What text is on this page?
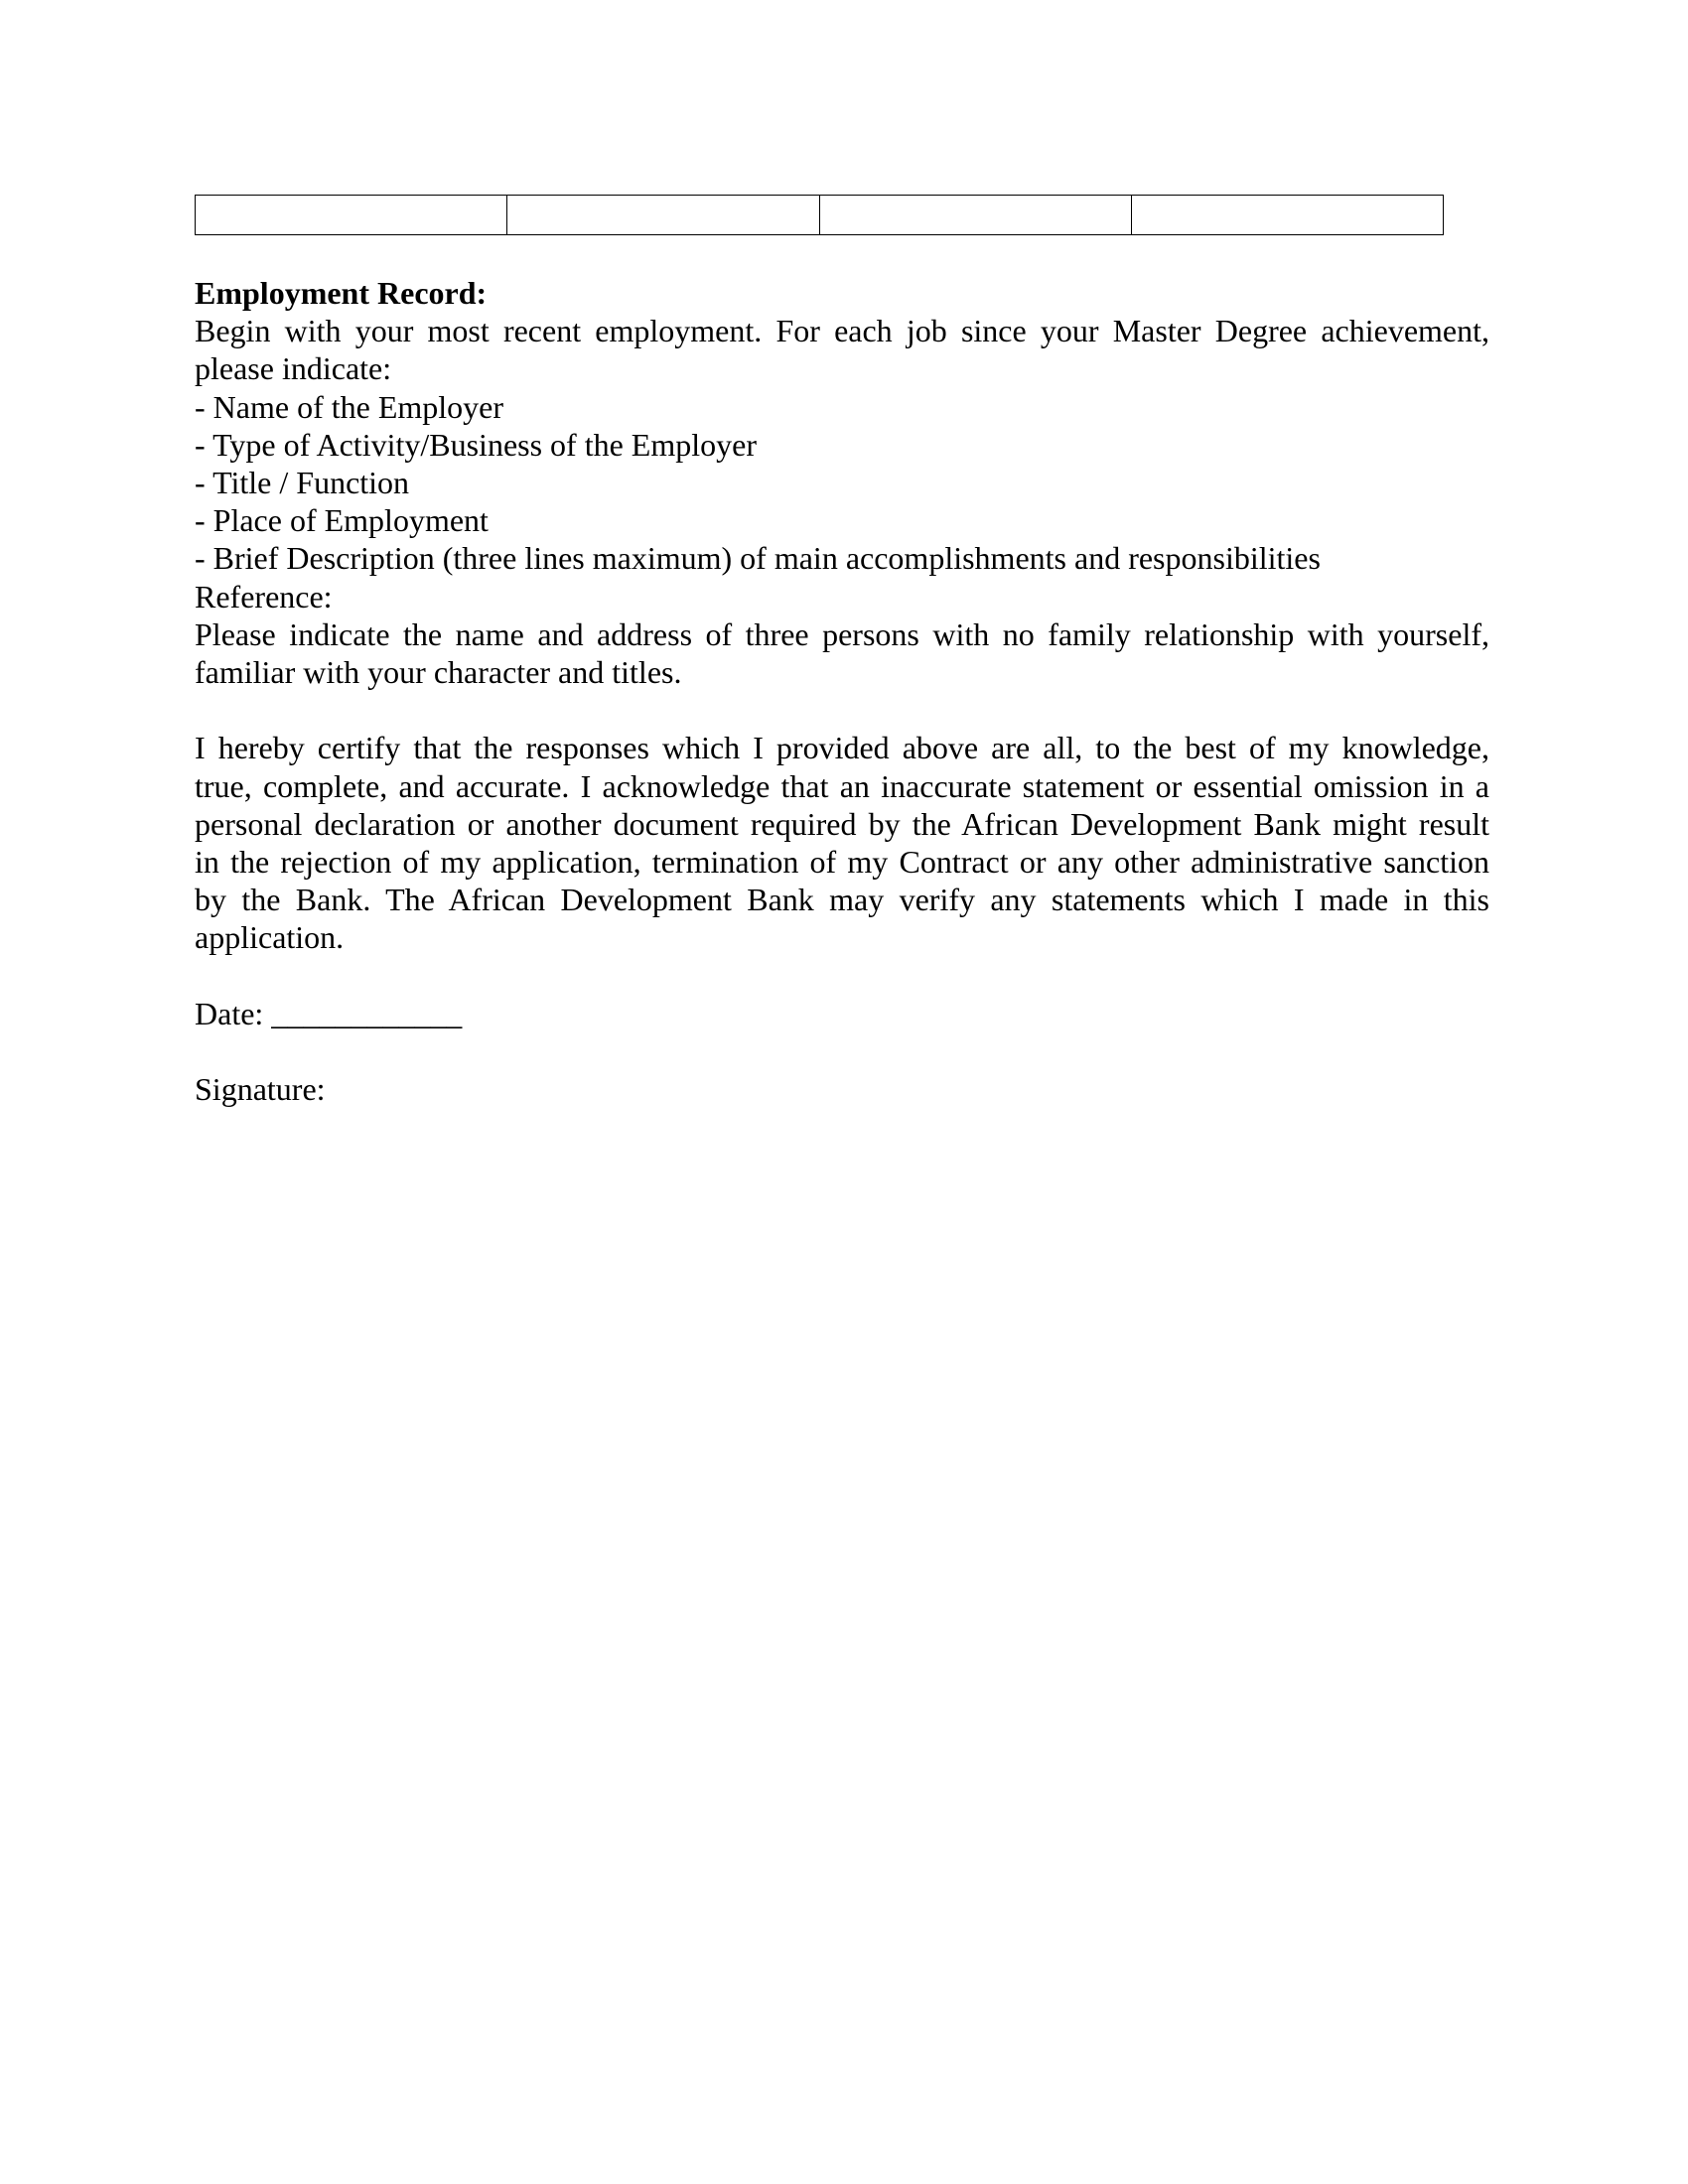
Employment Record:
Begin with your most recent employment. For each job since your Master Degree achievement,
please indicate:
- Name of the Employer
- Type of Activity/Business of the Employer
- Title / Function
- Place of Employment
- Brief Description (three lines maximum) of main accomplishments and responsibilities
Reference:
Please indicate the name and address of three persons with no family relationship with yourself,
familiar with your character and titles.
I hereby certify that the responses which I provided above are all, to the best of my knowledge,
true, complete, and accurate. I acknowledge that an inaccurate statement or essential omission in a
personal declaration or another document required by the African Development Bank might result
in the rejection of my application, termination of my Contract or any other administrative sanction
by the Bank. The African Development Bank may verify any statements which I made in this
application.
Date: ____________
Signature:
